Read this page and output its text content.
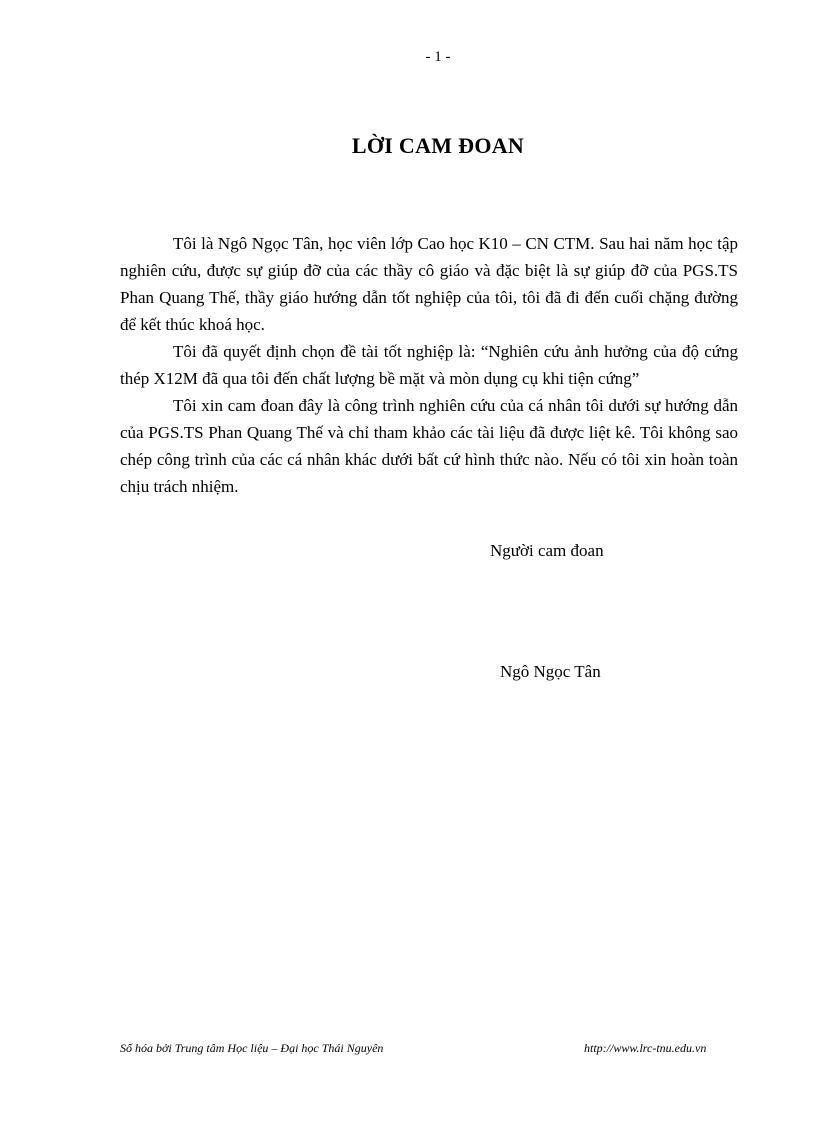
- 1 -
LỜI CAM ĐOAN

Tôi là Ngô Ngọc Tân, học viên lớp Cao học K10 – CN CTM. Sau hai năm học tập nghiên cứu, được sự giúp đỡ của các thầy cô giáo và đặc biệt là sự giúp đỡ của PGS.TS Phan Quang Thế, thầy giáo hướng dẫn tốt nghiệp của tôi, tôi đã đi đến cuối chặng đường để kết thúc khoá học.

Tôi đã quyết định chọn đề tài tốt nghiệp là: “Nghiên cứu ảnh hưởng của độ cứng thép X12M đã qua tôi đến chất lượng bề mặt và mòn dụng cụ khi tiện cứng”

Tôi xin cam đoan đây là công trình nghiên cứu của cá nhân tôi dưới sự hướng dẫn của PGS.TS Phan Quang Thế và chỉ tham khảo các tài liệu đã được liệt kê. Tôi không sao chép công trình của các cá nhân khác dưới bất cứ hình thức nào. Nếu có tôi xin hoàn toàn chịu trách nhiệm.

Người cam đoan
Ngô Ngọc Tân
Số hóa bởi Trung tâm Học liệu – Đại học Thái Nguyên	http://www.lrc-tnu.edu.vn
